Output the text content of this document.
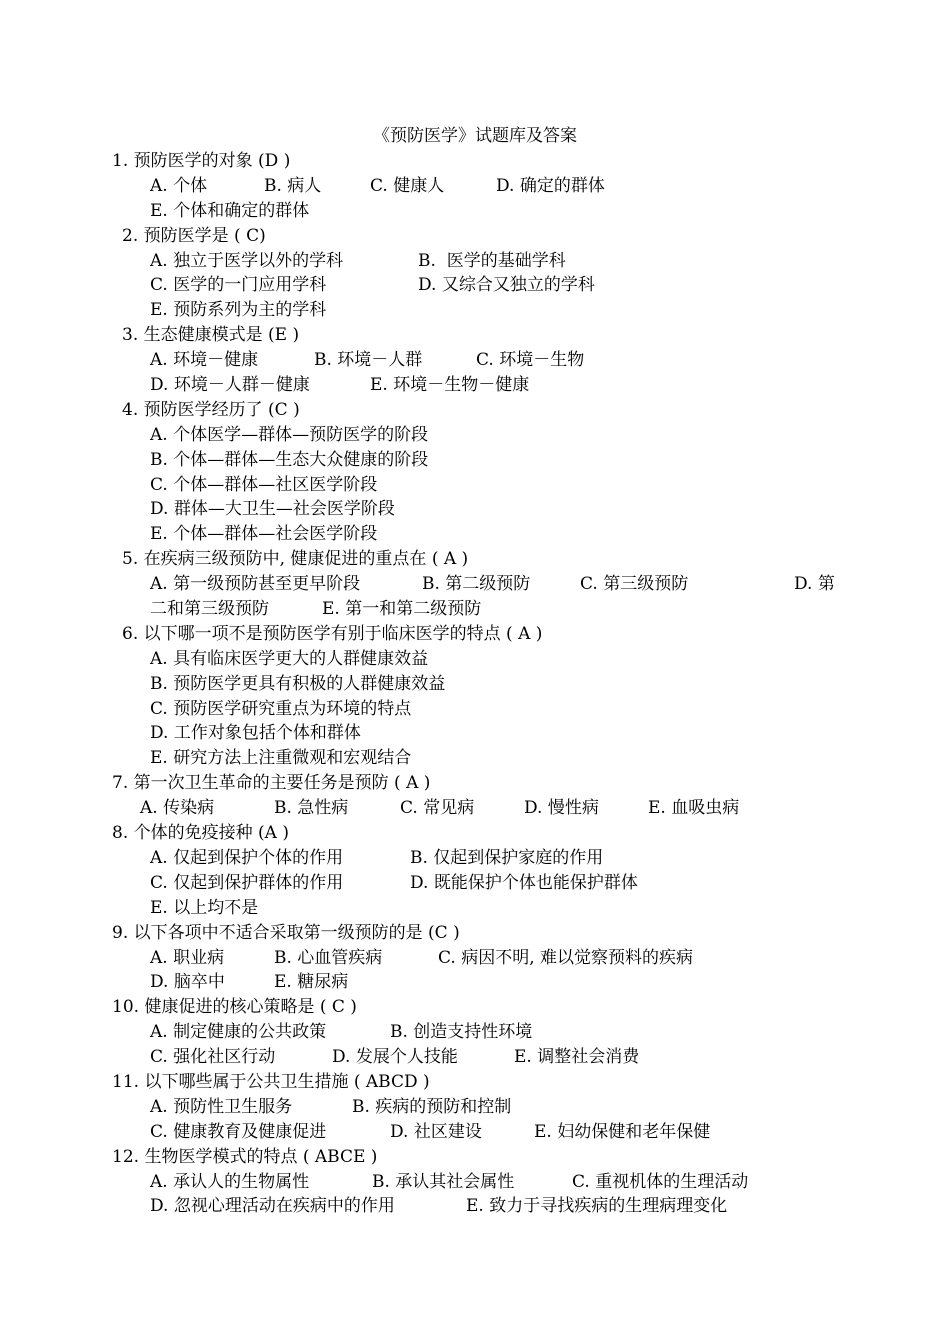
《预防医学》试题库及答案
1. 预防医学的对象 (D )
A. 个体	B. 病人	C. 健康人	D. 确定的群体
E. 个体和确定的群体
2. 预防医学是 ( C)
A. 独立于医学以外的学科	B.  医学的基础学科
C. 医学的一门应用学科	D. 又综合又独立的学科
E. 预防系列为主的学科
3. 生态健康模式是 (E )
A. 环境－健康	B. 环境－人群	C. 环境－生物
D. 环境－人群－健康	E. 环境－生物－健康
4. 预防医学经历了 (C )
A. 个体医学—群体—预防医学的阶段
B. 个体—群体—生态大众健康的阶段
C. 个体—群体—社区医学阶段
D. 群体—大卫生—社会医学阶段
E. 个体—群体—社会医学阶段
5. 在疾病三级预防中, 健康促进的重点在 ( A )
A. 第一级预防甚至更早阶段	B. 第二级预防	C. 第三级预防	D. 第
二和第三级预防	E. 第一和第二级预防
6. 以下哪一项不是预防医学有别于临床医学的特点 ( A )
A. 具有临床医学更大的人群健康效益
B. 预防医学更具有积极的人群健康效益
C. 预防医学研究重点为环境的特点
D. 工作对象包括个体和群体
E. 研究方法上注重微观和宏观结合
7. 第一次卫生革命的主要任务是预防 ( A )
A. 传染病	B. 急性病	C. 常见病	D. 慢性病	E. 血吸虫病
8. 个体的免疫接种 (A )
A. 仅起到保护个体的作用	B. 仅起到保护家庭的作用
C. 仅起到保护群体的作用	D. 既能保护个体也能保护群体
E. 以上均不是
9. 以下各项中不适合采取第一级预防的是 (C )
A. 职业病	B. 心血管疾病	C. 病因不明, 难以觉察预料的疾病
D. 脑卒中	E. 糖尿病
10. 健康促进的核心策略是 ( C )
A. 制定健康的公共政策	B. 创造支持性环境
C. 强化社区行动	D. 发展个人技能	E. 调整社会消费
11. 以下哪些属于公共卫生措施 ( ABCD )
A. 预防性卫生服务	B. 疾病的预防和控制
C. 健康教育及健康促进	D. 社区建设	E. 妇幼保健和老年保健
12. 生物医学模式的特点 ( ABCE )
A. 承认人的生物属性	B. 承认其社会属性	C. 重视机体的生理活动
D. 忽视心理活动在疾病中的作用	E. 致力于寻找疾病的生理病理变化
